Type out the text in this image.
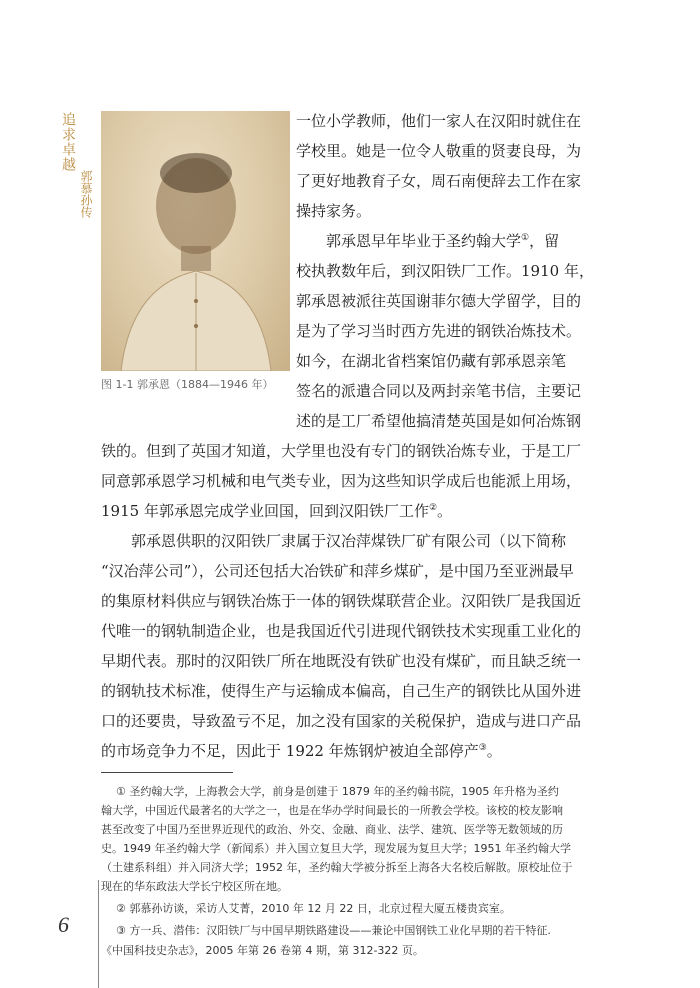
追求卓越
郭慕孙传
图 1-1 郭承恩（1884—1946 年）
一位小学教师，他们一家人在汉阳时就住在
学校里。她是一位令人敬重的贤妻良母，为
了更好地教育子女，周石南便辞去工作在家
操持家务。
郭承恩早年毕业于圣约翰大学①，留
校执教数年后，到汉阳铁厂工作。1910 年，
郭承恩被派往英国谢菲尔德大学留学，目的
是为了学习当时西方先进的钢铁冶炼技术。
如今，在湖北省档案馆仍藏有郭承恩亲笔
签名的派遣合同以及两封亲笔书信，主要记
述的是工厂希望他搞清楚英国是如何冶炼钢
铁的。但到了英国才知道，大学里也没有专门的钢铁冶炼专业，于是工厂
同意郭承恩学习机械和电气类专业，因为这些知识学成后也能派上用场，
1915 年郭承恩完成学业回国，回到汉阳铁厂工作②。
郭承恩供职的汉阳铁厂隶属于汉冶萍煤铁厂矿有限公司（以下简称
“汉冶萍公司”），公司还包括大冶铁矿和萍乡煤矿，是中国乃至亚洲最早
的集原材料供应与钢铁冶炼于一体的钢铁煤联营企业。汉阳铁厂是我国近
代唯一的钢轨制造企业，也是我国近代引进现代钢铁技术实现重工业化的
早期代表。那时的汉阳铁厂所在地既没有铁矿也没有煤矿，而且缺乏统一
的钢轨技术标准，使得生产与运输成本偏高，自己生产的钢铁比从国外进
口的还要贵，导致盈亏不足，加之没有国家的关税保护，造成与进口产品
的市场竞争力不足，因此于 1922 年炼钢炉被迫全部停产③。
① 圣约翰大学，上海教会大学，前身是创建于 1879 年的圣约翰书院，1905 年升格为圣约
翰大学，中国近代最著名的大学之一，也是在华办学时间最长的一所教会学校。该校的校友影响
甚至改变了中国乃至世界近现代的政治、外交、金融、商业、法学、建筑、医学等无数领域的历
史。1949 年圣约翰大学（新闻系）并入国立复旦大学，现发展为复旦大学；1951 年圣约翰大学
（土建系科组）并入同济大学；1952 年，圣约翰大学被分拆至上海各大名校后解散。原校址位于
现在的华东政法大学长宁校区所在地。
② 郭慕孙访谈，采访人艾菁，2010 年 12 月 22 日，北京过程大厦五楼贵宾室。
③ 方一兵、潜伟：汉阳铁厂与中国早期铁路建设——兼论中国钢铁工业化早期的若干特征.
《中国科技史杂志》，2005 年第 26 卷第 4 期，第 312-322 页。
6
